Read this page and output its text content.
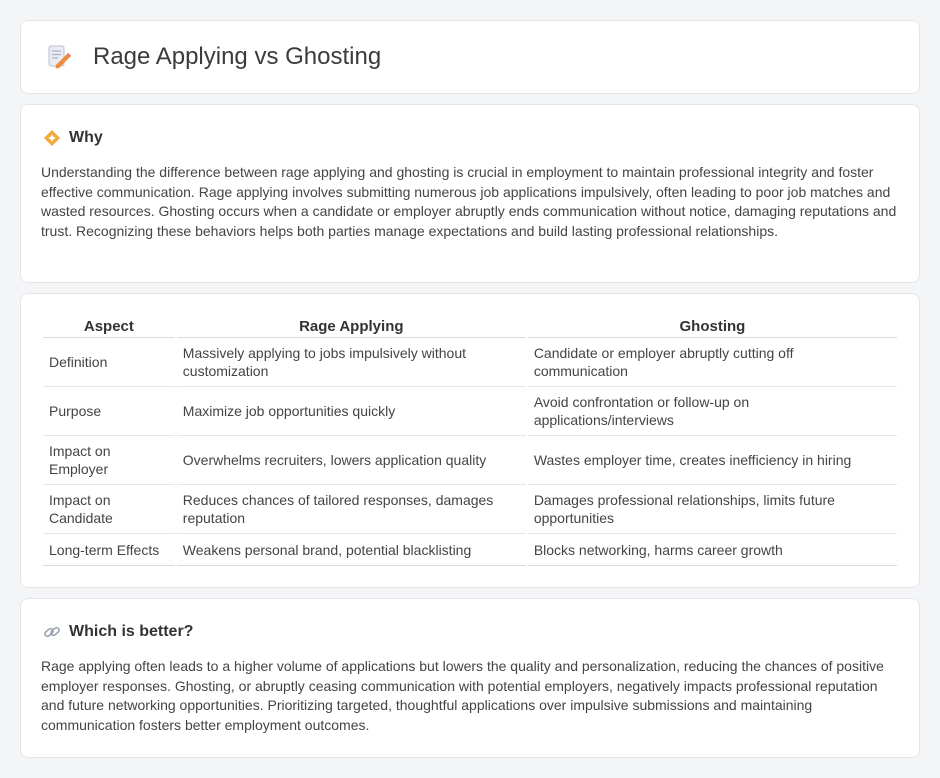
Rage Applying vs Ghosting
Why

Understanding the difference between rage applying and ghosting is crucial in employment to maintain professional integrity and foster effective communication. Rage applying involves submitting numerous job applications impulsively, often leading to poor job matches and wasted resources. Ghosting occurs when a candidate or employer abruptly ends communication without notice, damaging reputations and trust. Recognizing these behaviors helps both parties manage expectations and build lasting professional relationships.

Aspect	Rage Applying	Ghosting
Definition	Massively applying to jobs impulsively without customization	Candidate or employer abruptly cutting off communication
Purpose	Maximize job opportunities quickly	Avoid confrontation or follow-up on applications/interviews
Impact on Employer	Overwhelms recruiters, lowers application quality	Wastes employer time, creates inefficiency in hiring
Impact on Candidate	Reduces chances of tailored responses, damages reputation	Damages professional relationships, limits future opportunities
Long-term Effects	Weakens personal brand, potential blacklisting	Blocks networking, harms career growth
Which is better?

Rage applying often leads to a higher volume of applications but lowers the quality and personalization, reducing the chances of positive employer responses. Ghosting, or abruptly ceasing communication with potential employers, negatively impacts professional reputation and future networking opportunities. Prioritizing targeted, thoughtful applications over impulsive submissions and maintaining communication fosters better employment outcomes.
